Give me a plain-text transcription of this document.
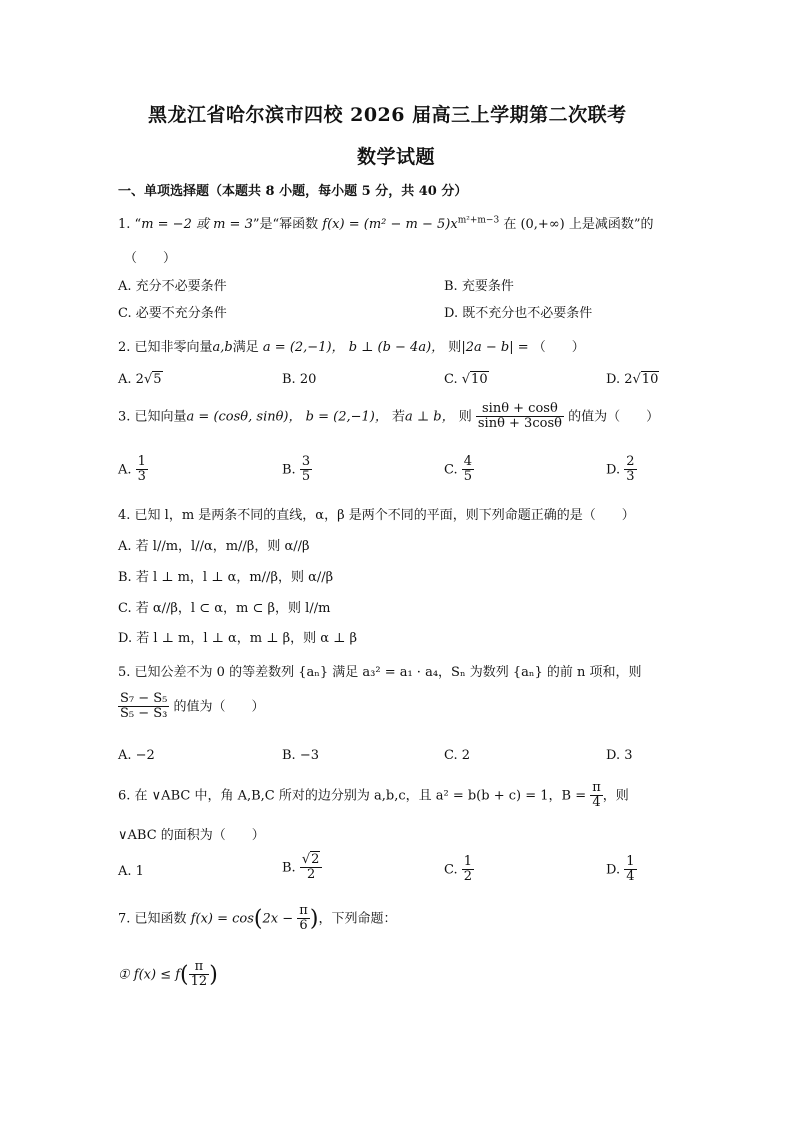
黑龙江省哈尔滨市四校 2026 届高三上学期第二次联考
数学试题
一、单项选择题（本题共 8 小题，每小题 5 分，共 40 分）
1. “m = −2 或 m = 3”是“幂函数 $f(x) = (m^2 - m - 5)x^{m^2+m-3}$ 在 (0,+∞) 上是减函数”的
（　　）
A. 充分不必要条件	B. 充要条件
C. 必要不充分条件	D. 既不充分也不必要条件
2. 已知非零向量a,b满足 a = (2,−1)， b ⊥ (b − 4a)， 则|2a − b| = （　　）
A. 2√5	B. 20	C. √10	D. 2√10
3. 已知向量a = (cosθ, sinθ)， b = (2,−1)， 若a ⊥ b， 则 $\frac{\sin\theta + \cos\theta}{\sin\theta + 3\cos\theta}$ 的值为（　　）
A. $\frac{1}{3}$	B. $\frac{3}{5}$	C. $\frac{4}{5}$	D. $\frac{2}{3}$
4. 已知 l，m 是两条不同的直线，α，β 是两个不同的平面，则下列命题正确的是（　　）
A. 若 l//m，l//α，m//β，则 α//β
B. 若 l ⊥ m，l ⊥ α，m//β，则 α//β
C. 若 α//β，l ⊂ α，m ⊂ β，则 l//m
D. 若 l ⊥ m，l ⊥ α，m ⊥ β，则 α ⊥ β
5. 已知公差不为 0 的等差数列 {aₙ} 满足 a₃² = a₁ · a₄，Sₙ 为数列 {aₙ} 的前 n 项和，则
$\frac{\text{S₇ − S₅}}{\text{S₅ − S₃}}$ 的值为（　　）
A. −2	B. −3	C. 2	D. 3
6. 在 ∨ABC 中，角 A,B,C 所对的边分别为 a,b,c，且 a² = b(b + c) = 1，$B = \frac{\pi}{4}$ ，则
∨ABC 的面积为（　　）
A. 1	B. $\frac{√2}{2}$	C. $\frac{1}{2}$	D. $\frac{1}{4}$
7. 已知函数 $f(x) = \cos(2x - \frac{\pi}{6}$ )，下列命题：
① $f(x) \le f( \frac{\pi}{12}$ )
